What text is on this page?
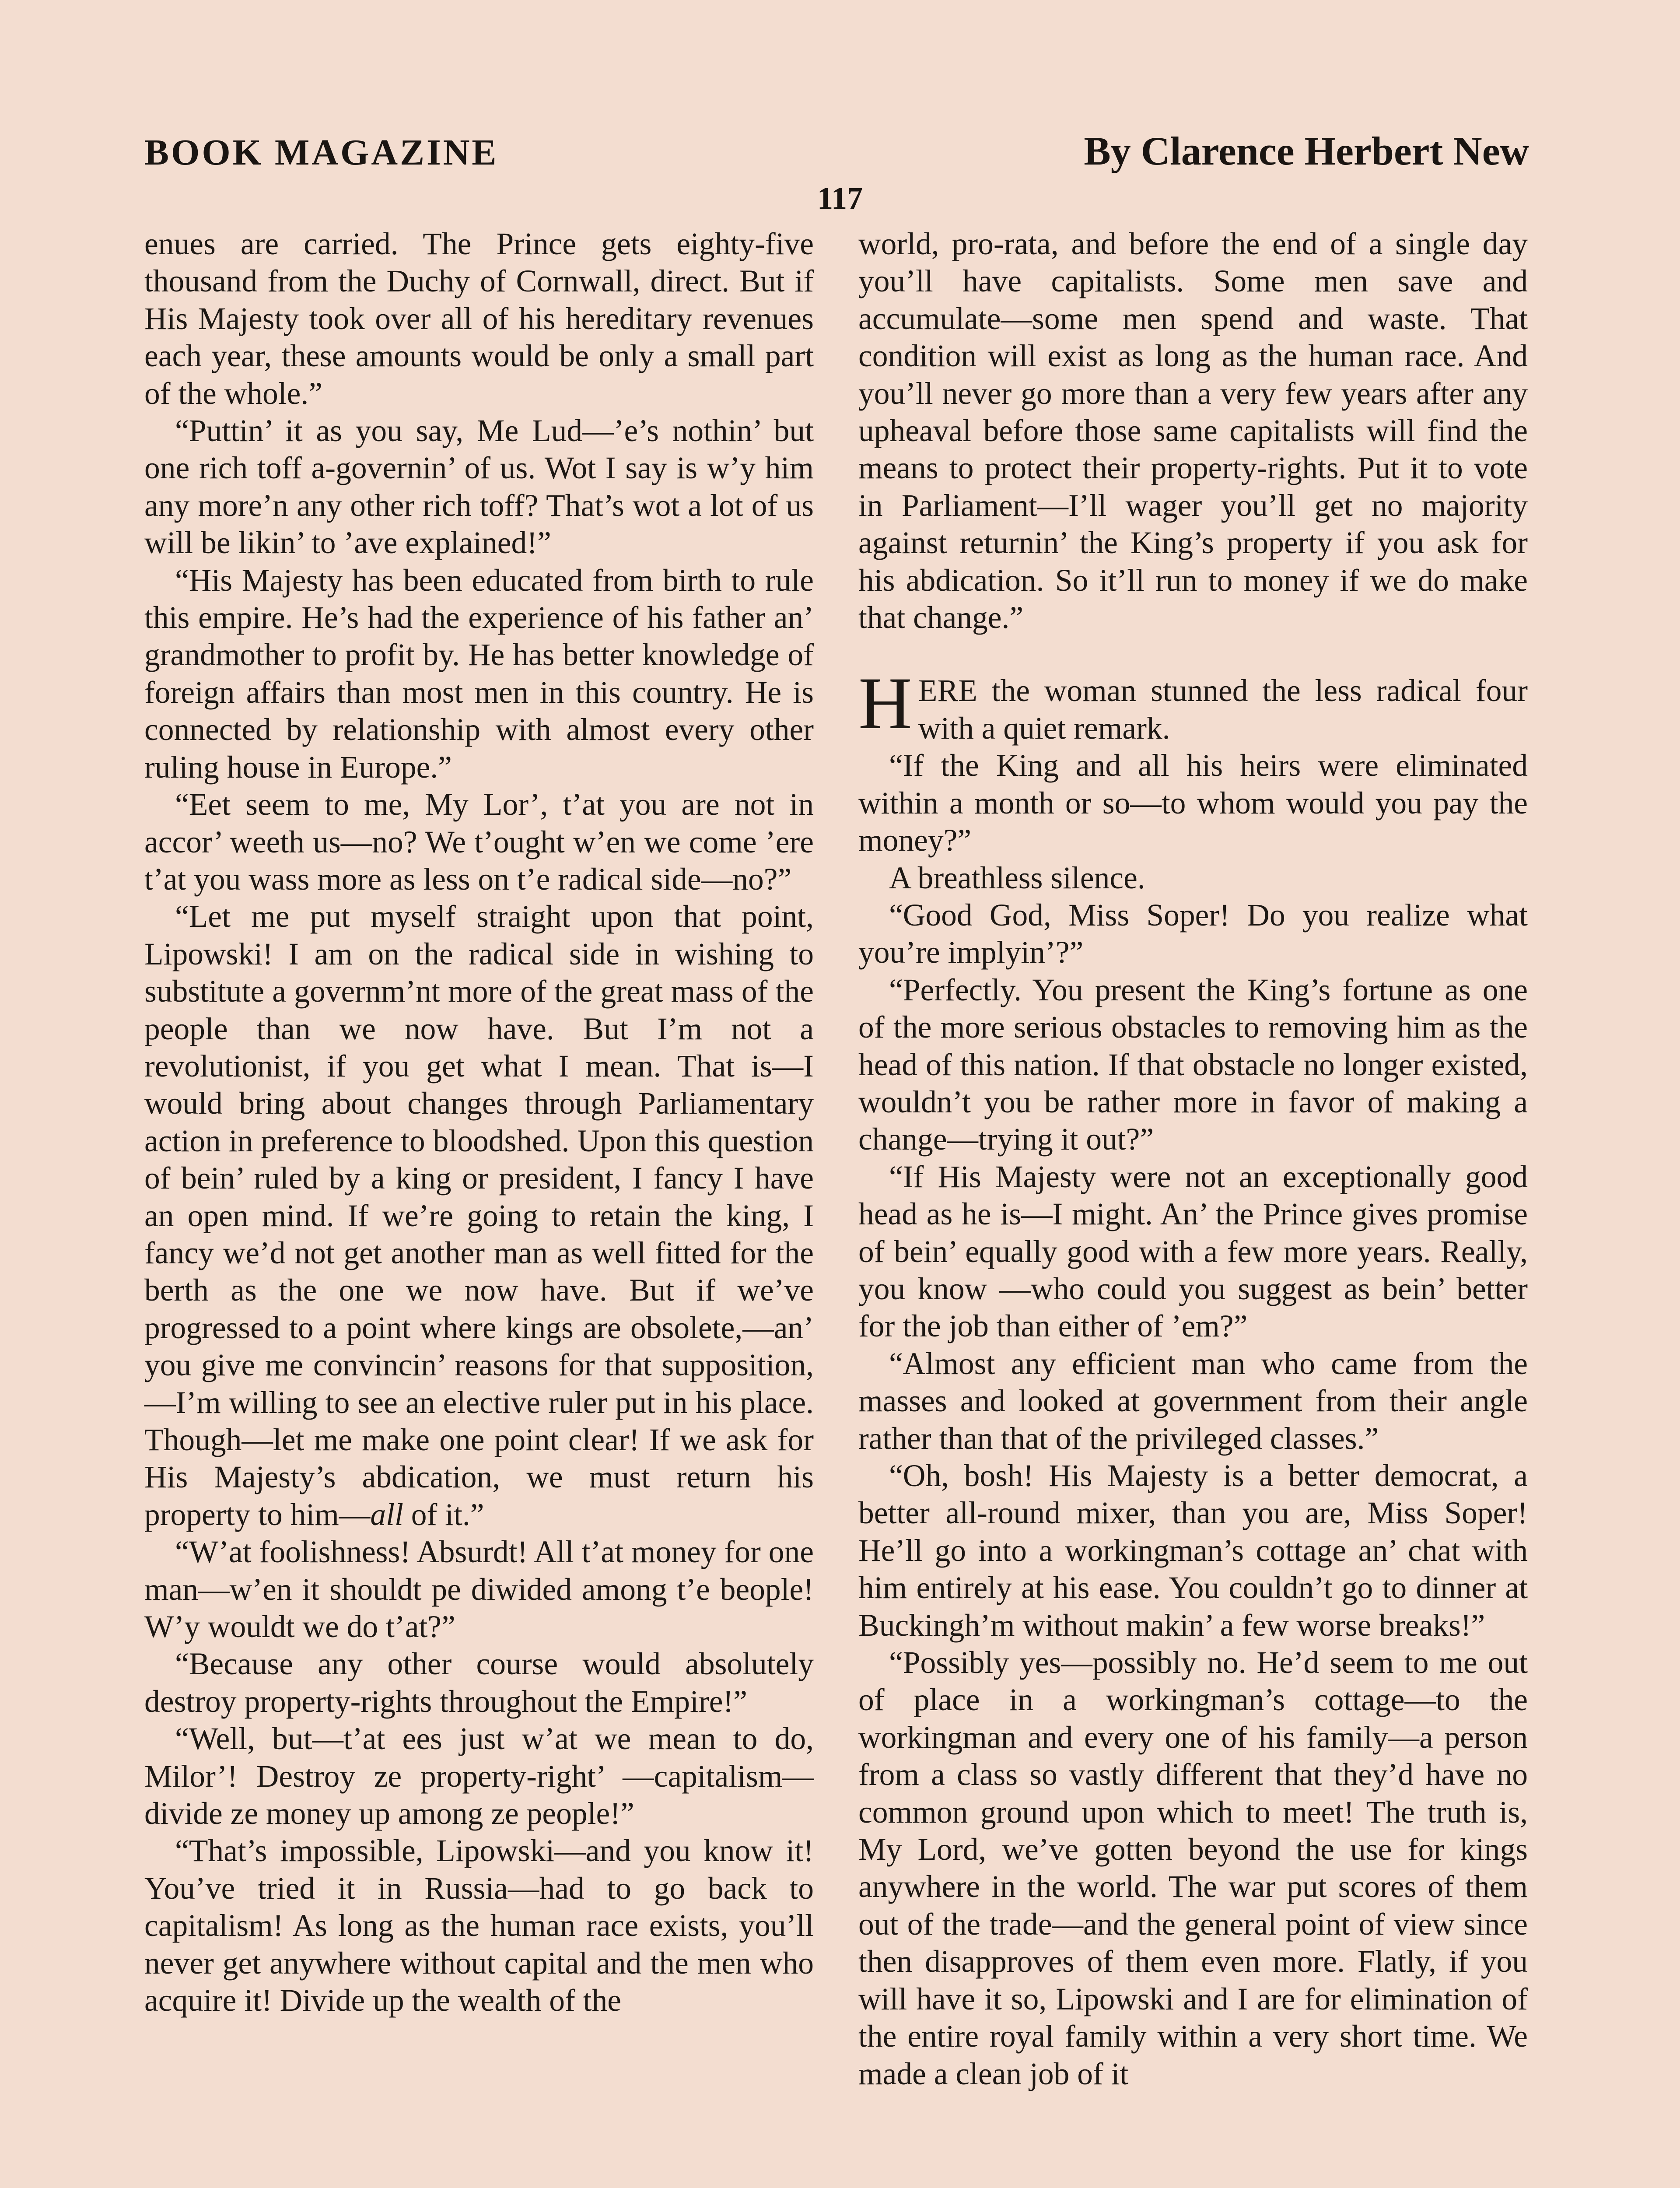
BOOK MAGAZINE	By Clarence Herbert New
117

enues are carried. The Prince gets eighty-five thousand from the Duchy of Cornwall, direct. But if His Majesty took over all of his hereditary revenues each year, these amounts would be only a small part of the whole.”

“Puttin’ it as you say, Me Lud—’e’s nothin’ but one rich toff a-governin’ of us. Wot I say is w’y him any more’n any other rich toff? That’s wot a lot of us will be likin’ to ’ave explained!”

“His Majesty has been educated from birth to rule this empire. He’s had the experience of his father an’ grandmother to profit by. He has better knowledge of foreign affairs than most men in this country. He is connected by relationship with almost every other ruling house in Europe.”

“Eet seem to me, My Lor’, t’at you are not in accor’ weeth us—no? We t’ought w’en we come ’ere t’at you wass more as less on t’e radical side—no?”

“Let me put myself straight upon that point, Lipowski! I am on the radical side in wishing to substitute a governm’nt more of the great mass of the people than we now have. But I’m not a revolutionist, if you get what I mean. That is—I would bring about changes through Parliamentary action in preference to bloodshed. Upon this question of bein’ ruled by a king or president, I fancy I have an open mind. If we’re going to retain the king, I fancy we’d not get another man as well fitted for the berth as the one we now have. But if we’ve progressed to a point where kings are obsolete,—an’ you give me convincin’ reasons for that supposition,—I’m willing to see an elective ruler put in his place. Though—let me make one point clear! If we ask for His Majesty’s abdication, we must return his property to him—all of it.”

“W’at foolishness! Absurdt! All t’at money for one man—w’en it shouldt pe diwided among t’e beople! W’y wouldt we do t’at?”

“Because any other course would absolutely destroy property-rights throughout the Empire!”

“Well, but—t’at ees just w’at we mean to do, Milor’! Destroy ze property-right’ —capitalism—divide ze money up among ze people!”

“That’s impossible, Lipowski—and you know it! You’ve tried it in Russia—had to go back to capitalism! As long as the human race exists, you’ll never get anywhere without capital and the men who acquire it! Divide up the wealth of the

world, pro-rata, and before the end of a single day you’ll have capitalists. Some men save and accumulate—some men spend and waste. That condition will exist as long as the human race. And you’ll never go more than a very few years after any upheaval before those same capitalists will find the means to protect their property-rights. Put it to vote in Parliament—I’ll wager you’ll get no majority against returnin’ the King’s property if you ask for his abdication. So it’ll run to money if we do make that change.”

HERE the woman stunned the less radical four with a quiet remark.

“If the King and all his heirs were eliminated within a month or so—to whom would you pay the money?”

A breathless silence.

“Good God, Miss Soper! Do you realize what you’re implyin’?”

“Perfectly. You present the King’s fortune as one of the more serious obstacles to removing him as the head of this nation. If that obstacle no longer existed, wouldn’t you be rather more in favor of making a change—trying it out?”

“If His Majesty were not an exceptionally good head as he is—I might. An’ the Prince gives promise of bein’ equally good with a few more years. Really, you know —who could you suggest as bein’ better for the job than either of ’em?”

“Almost any efficient man who came from the masses and looked at government from their angle rather than that of the privileged classes.”

“Oh, bosh! His Majesty is a better democrat, a better all-round mixer, than you are, Miss Soper! He’ll go into a workingman’s cottage an’ chat with him entirely at his ease. You couldn’t go to dinner at Buckingh’m without makin’ a few worse breaks!”

“Possibly yes—possibly no. He’d seem to me out of place in a workingman’s cottage—to the workingman and every one of his family—a person from a class so vastly different that they’d have no common ground upon which to meet! The truth is, My Lord, we’ve gotten beyond the use for kings anywhere in the world. The war put scores of them out of the trade—and the general point of view since then disapproves of them even more. Flatly, if you will have it so, Lipowski and I are for elimination of the entire royal family within a very short time. We made a clean job of it
